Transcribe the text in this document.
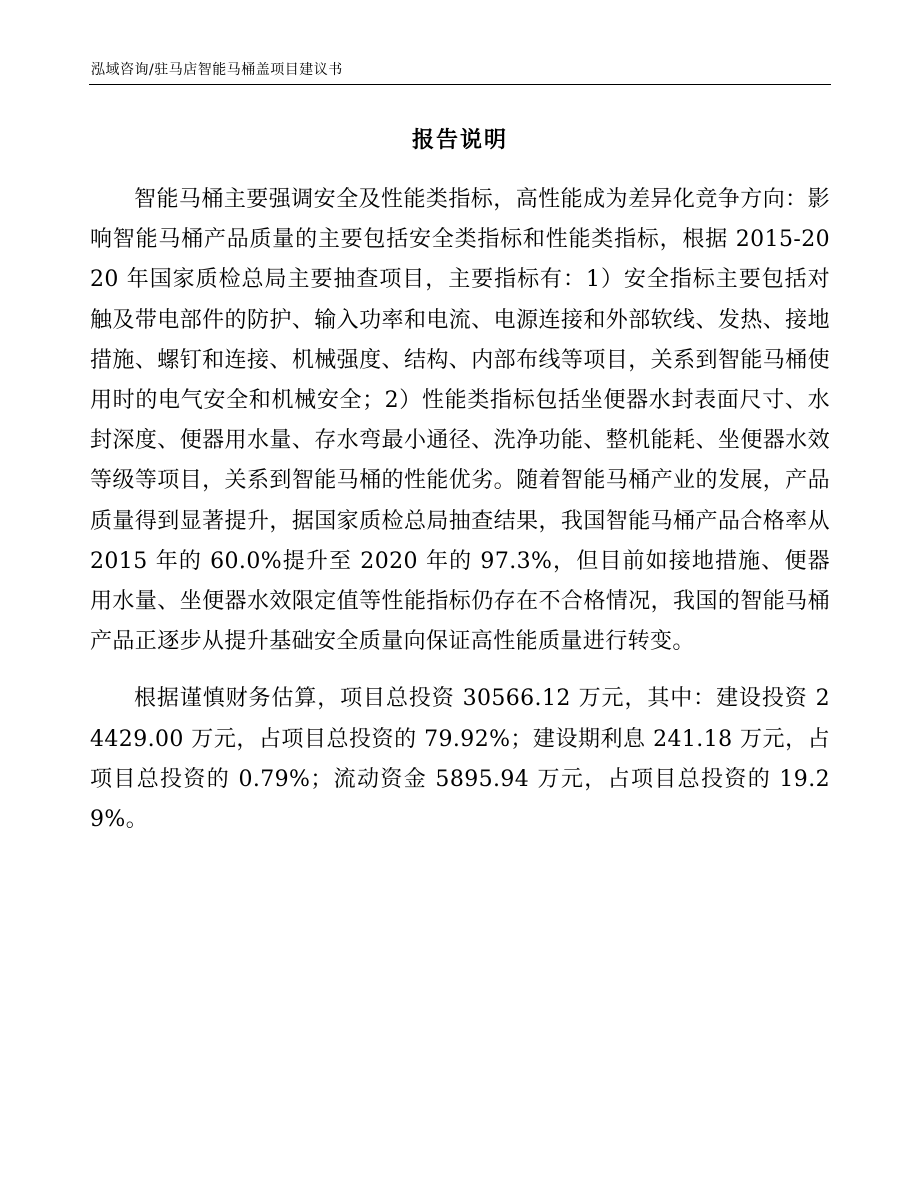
泓域咨询/驻马店智能马桶盖项目建议书
报告说明

智能马桶主要强调安全及性能类指标，高性能成为差异化竞争方向：影响智能马桶产品质量的主要包括安全类指标和性能类指标，根据 2015-2020 年国家质检总局主要抽查项目，主要指标有：1）安全指标主要包括对触及带电部件的防护、输入功率和电流、电源连接和外部软线、发热、接地措施、螺钉和连接、机械强度、结构、内部布线等项目，关系到智能马桶使用时的电气安全和机械安全；2）性能类指标包括坐便器水封表面尺寸、水封深度、便器用水量、存水弯最小通径、洗净功能、整机能耗、坐便器水效等级等项目，关系到智能马桶的性能优劣。随着智能马桶产业的发展，产品质量得到显著提升，据国家质检总局抽查结果，我国智能马桶产品合格率从 2015 年的 60.0%提升至 2020 年的 97.3%，但目前如接地措施、便器用水量、坐便器水效限定值等性能指标仍存在不合格情况，我国的智能马桶产品正逐步从提升基础安全质量向保证高性能质量进行转变。

根据谨慎财务估算，项目总投资 30566.12 万元，其中：建设投资 24429.00 万元，占项目总投资的 79.92%；建设期利息 241.18 万元，占项目总投资的 0.79%；流动资金 5895.94 万元，占项目总投资的 19.29%。
